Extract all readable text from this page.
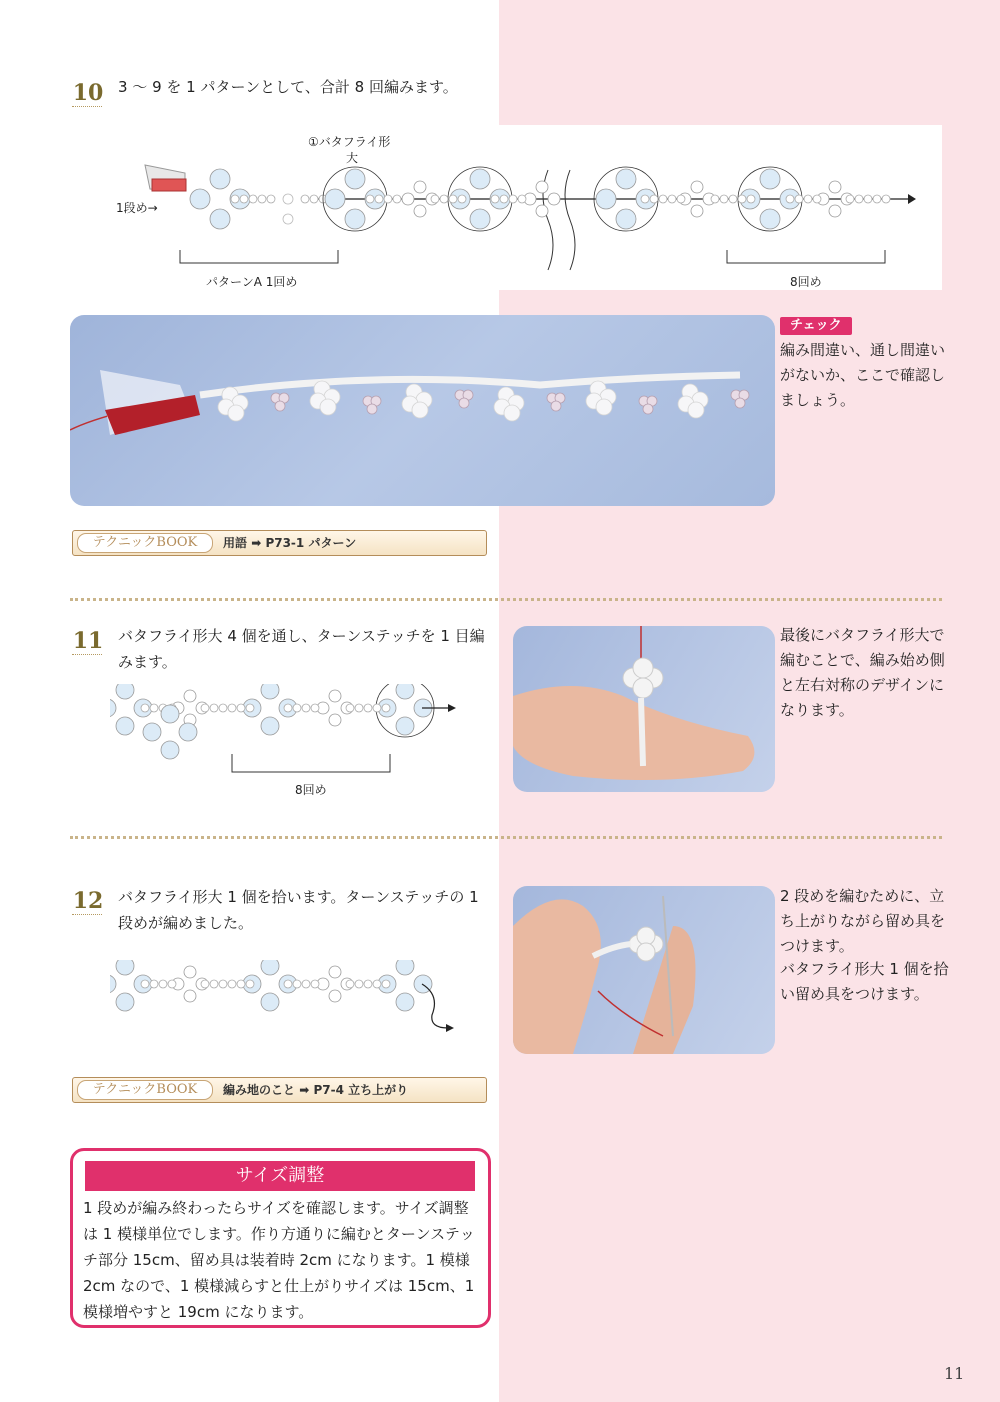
10 3 ～ 9 を 1 パターンとして、合計 8 回編みます。
①バタフライ形
大
1段め→
パターンA 1回め	8回め
チェック
編み間違い、通し間違いがないか、ここで確認しましょう。
テクニックBOOK	用語 ➡ P73-1 パターン
11 バタフライ形大 4 個を通し、ターンステッチを 1 目編みます。
8回め
最後にバタフライ形大で編むことで、編み始め側と左右対称のデザインになります。
12 バタフライ形大 1 個を拾います。ターンステッチの 1 段めが編めました。
2 段めを編むために、立ち上がりながら留め具をつけます。
バタフライ形大 1 個を拾い留め具をつけます。
テクニックBOOK	編み地のこと ➡ P7-4 立ち上がり
サイズ調整
1 段めが編み終わったらサイズを確認します。サイズ調整は 1 模様単位でします。作り方通りに編むとターンステッチ部分 15cm、留め具は装着時 2cm になります。1 模様 2cm なので、1 模様減らすと仕上がりサイズは 15cm、1 模様増やすと 19cm になります。
11
